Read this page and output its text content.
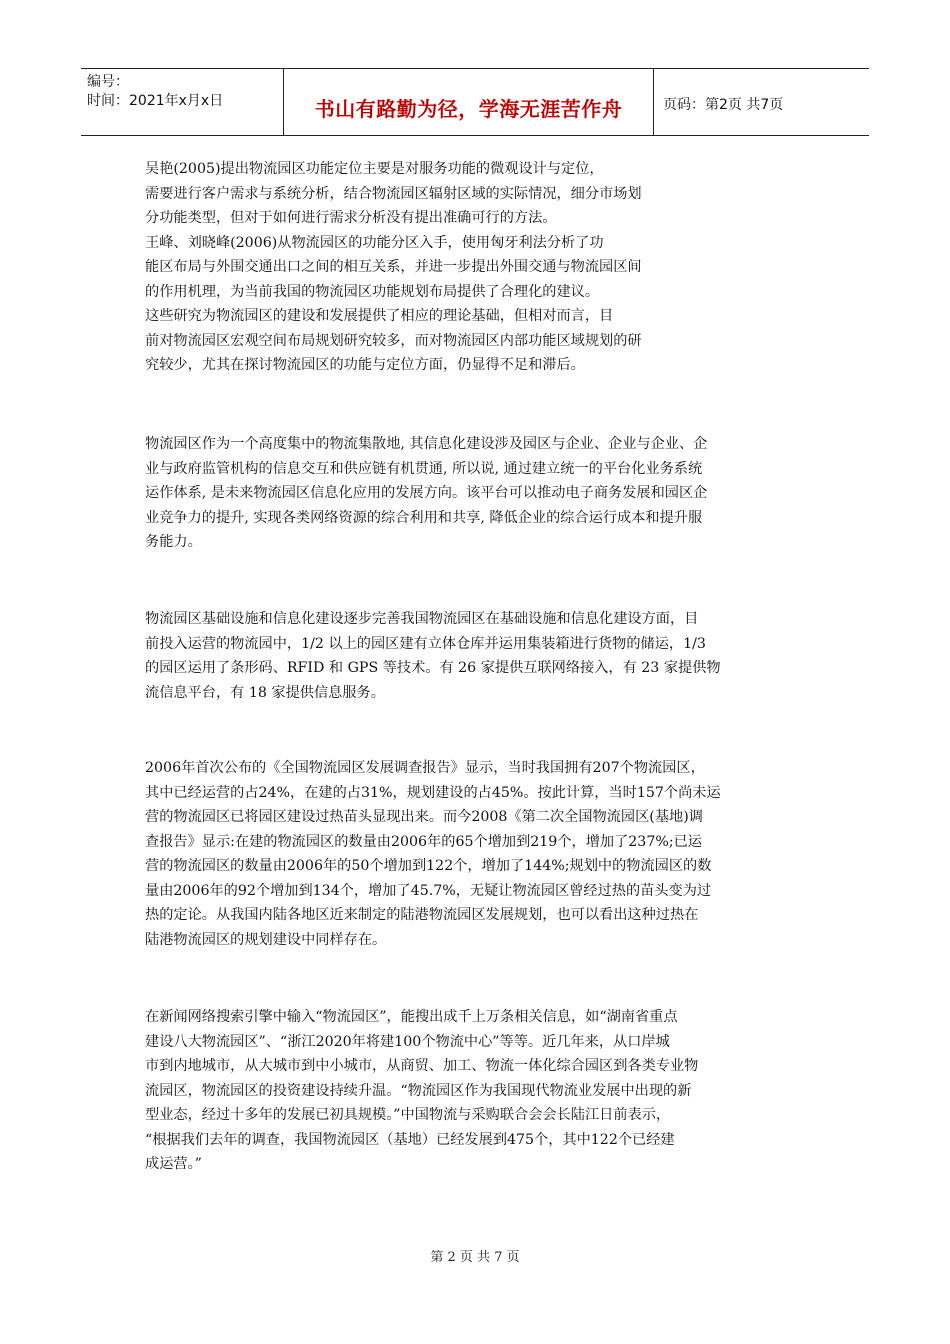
编号：
时间：2021年x月x日	书山有路勤为径，学海无涯苦作舟	页码：第2页 共7页
吴艳(2005)提出物流园区功能定位主要是对服务功能的微观设计与定位，
需要进行客户需求与系统分析，结合物流园区辐射区域的实际情况，细分市场划
分功能类型，但对于如何进行需求分析没有提出准确可行的方法。
王峰、刘晓峰(2006)从物流园区的功能分区入手，使用匈牙利法分析了功
能区布局与外围交通出口之间的相互关系，并进一步提出外围交通与物流园区间
的作用机理，为当前我国的物流园区功能规划布局提供了合理化的建议。
这些研究为物流园区的建设和发展提供了相应的理论基础，但相对而言，目
前对物流园区宏观空间布局规划研究较多，而对物流园区内部功能区域规划的研
究较少，尤其在探讨物流园区的功能与定位方面，仍显得不足和滞后。
物流园区作为一个高度集中的物流集散地, 其信息化建设涉及园区与企业、企业与企业、企
业与政府监管机构的信息交互和供应链有机贯通, 所以说, 通过建立统一的平台化业务系统
运作体系, 是未来物流园区信息化应用的发展方向。该平台可以推动电子商务发展和园区企
业竞争力的提升, 实现各类网络资源的综合利用和共享, 降低企业的综合运行成本和提升服
务能力。
物流园区基础设施和信息化建设逐步完善我国物流园区在基础设施和信息化建设方面，目
前投入运营的物流园中，1/2 以上的园区建有立体仓库并运用集装箱进行货物的储运，1/3
的园区运用了条形码、RFID 和 GPS 等技术。有 26 家提供互联网络接入，有 23 家提供物
流信息平台，有 18 家提供信息服务。
2006年首次公布的《全国物流园区发展调查报告》显示，当时我国拥有207个物流园区，
其中已经运营的占24%，在建的占31%，规划建设的占45%。按此计算，当时157个尚未运
营的物流园区已将园区建设过热苗头显现出来。而今2008《第二次全国物流园区(基地)调
查报告》显示:在建的物流园区的数量由2006年的65个增加到219个，增加了237%;已运
营的物流园区的数量由2006年的50个增加到122个，增加了144%;规划中的物流园区的数
量由2006年的92个增加到134个，增加了45.7%，无疑让物流园区曾经过热的苗头变为过
热的定论。从我国内陆各地区近来制定的陆港物流园区发展规划，也可以看出这种过热在
陆港物流园区的规划建设中同样存在。
在新闻网络搜索引擎中输入“物流园区”，能搜出成千上万条相关信息，如“湖南省重点
建设八大物流园区”、“浙江2020年将建100个物流中心”等等。近几年来，从口岸城
市到内地城市，从大城市到中小城市，从商贸、加工、物流一体化综合园区到各类专业物
流园区，物流园区的投资建设持续升温。“物流园区作为我国现代物流业发展中出现的新
型业态，经过十多年的发展已初具规模。”中国物流与采购联合会会长陆江日前表示，
“根据我们去年的调查，我国物流园区（基地）已经发展到475个，其中122个已经建
成运营。”
第 2 页 共 7 页
